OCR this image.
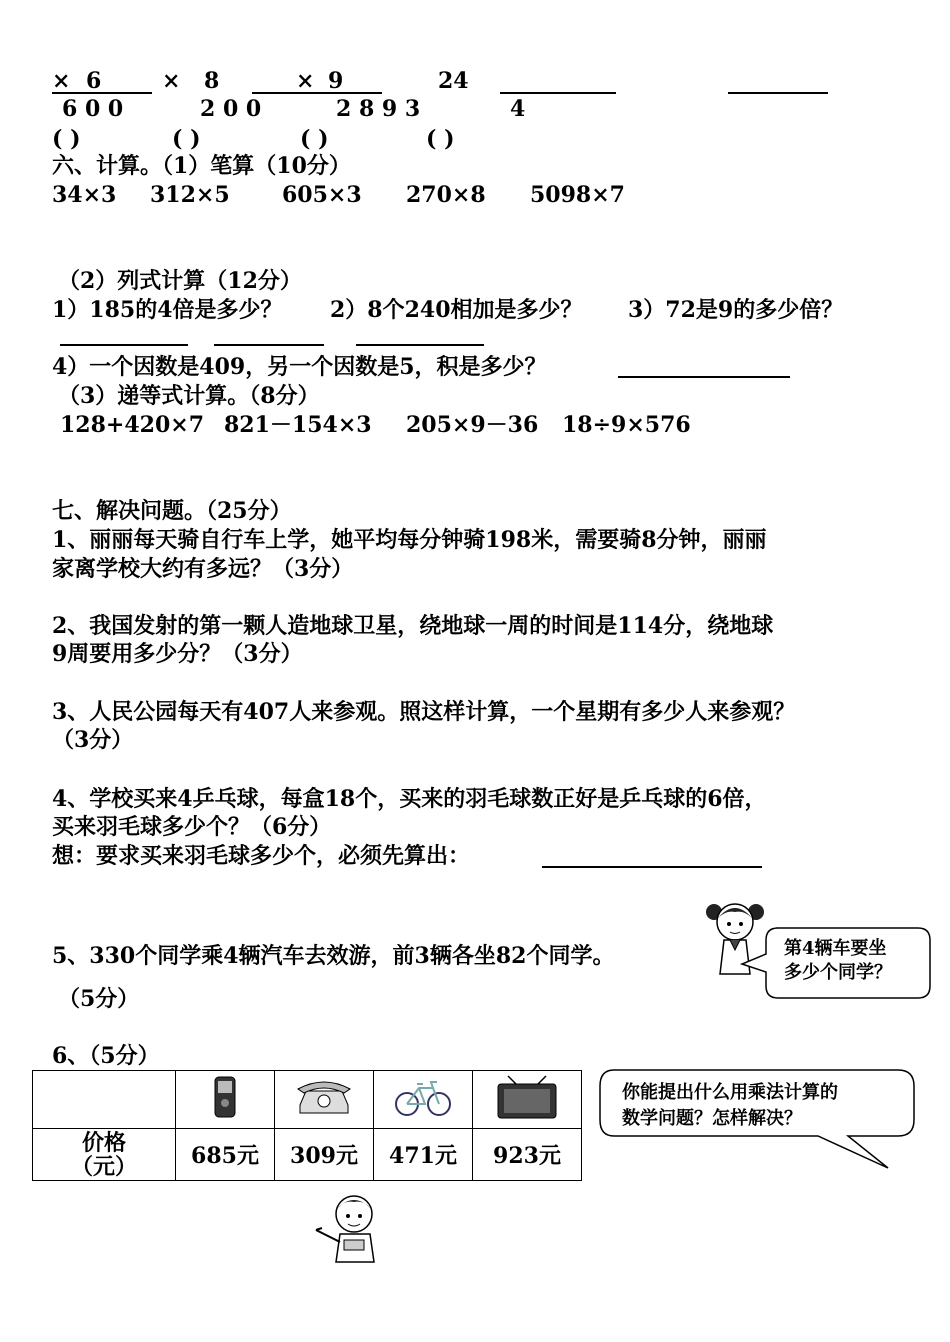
× 6	× 8	× 9	24
6 0 0	2 0 0	2 8 9 3	4
( )	( )	( )	( )
六、计算。（1）笔算（10分）
34×3 312×5 605×3 270×8 5098×7
（2）列式计算（12分）
1）185的4倍是多少？ 2）8个240相加是多少？ 3）72是9的多少倍？
4）一个因数是409，另一个因数是5，积是多少？
（3）递等式计算。（8分）
128+420×7 821－154×3 205×9－36 18÷9×576
七、解决问题。（25分）
1、丽丽每天骑自行车上学，她平均每分钟骑198米，需要骑8分钟，丽丽
家离学校大约有多远？（3分）
2、我国发射的第一颗人造地球卫星，绕地球一周的时间是114分，绕地球
9周要用多少分？（3分）
3、人民公园每天有407人来参观。照这样计算，一个星期有多少人来参观？
（3分）
4、学校买来4乒乓球，每盒18个，买来的羽毛球数正好是乒乓球的6倍，
买来羽毛球多少个？（6分）
想：要求买来羽毛球多少个，必须先算出：
5、330个同学乘4辆汽车去效游，前3辆各坐82个同学。
（5分）
第4辆车要坐
多少个同学？
6、（5分）

价格
（元）	685元	309元	471元	923元
你能提出什么用乘法计算的
数学问题？怎样解决？
